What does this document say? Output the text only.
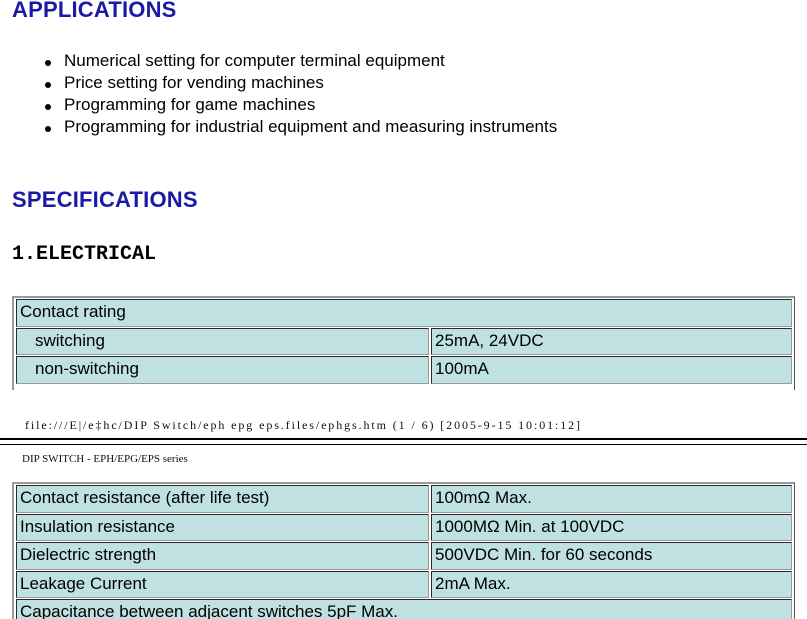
APPLICATIONS
Numerical setting for computer terminal equipment
Price setting for vending machines
Programming for game machines
Programming for industrial equipment and measuring instruments
SPECIFICATIONS
1.ELECTRICAL
Contact rating
switching	25mA, 24VDC
non-switching	100mA
file:///E|/e‡hc/DIP Switch/eph epg eps.files/ephgs.htm (1 / 6) [2005-9-15 10:01:12]
DIP SWITCH - EPH/EPG/EPS series
Contact resistance (after life test)	100mΩ Max.
Insulation resistance	1000MΩ Min. at 100VDC
Dielectric strength	500VDC Min. for 60 seconds
Leakage Current	2mA Max.
Capacitance between adjacent switches 5pF Max.
